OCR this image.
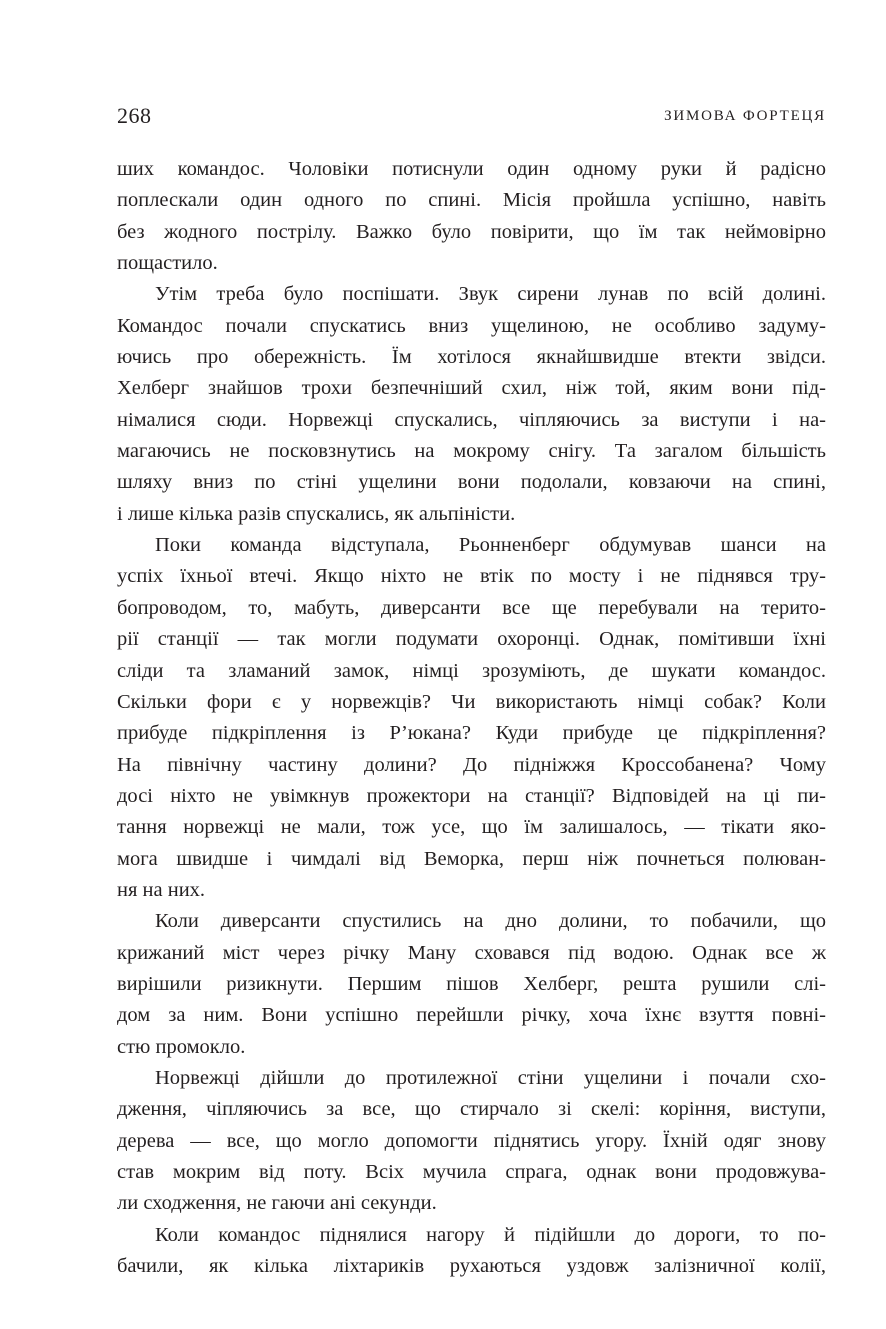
268	ЗИМОВА ФОРТЕЦЯ
ших командос. Чоловіки потиснули один одному руки й радісно
поплескали один одного по спині. Місія пройшла успішно, навіть
без жодного пострілу. Важко було повірити, що їм так неймовірно
пощастило.
Утім треба було поспішати. Звук сирени лунав по всій долині.
Командос почали спускатись вниз ущелиною, не особливо задуму-
ючись про обережність. Їм хотілося якнайшвидше втекти звідси.
Хелберг знайшов трохи безпечніший схил, ніж той, яким вони під-
німалися сюди. Норвежці спускались, чіпляючись за виступи і на-
магаючись не посковзнутись на мокрому снігу. Та загалом більшість
шляху вниз по стіні ущелини вони подолали, ковзаючи на спині,
і лише кілька разів спускались, як альпіністи.
Поки команда відступала, Рьонненберг обдумував шанси на
успіх їхньої втечі. Якщо ніхто не втік по мосту і не піднявся тру-
бопроводом, то, мабуть, диверсанти все ще перебували на терито-
рії станції — так могли подумати охоронці. Однак, помітивши їхні
сліди та зламаний замок, німці зрозуміють, де шукати командос.
Скільки фори є у норвежців? Чи використають німці собак? Коли
прибуде підкріплення із Р’юкана? Куди прибуде це підкріплення?
На північну частину долини? До підніжжя Кроссобанена? Чому
досі ніхто не увімкнув прожектори на станції? Відповідей на ці пи-
тання норвежці не мали, тож усе, що їм залишалось, — тікати яко-
мога швидше і чимдалі від Веморка, перш ніж почнеться полюван-
ня на них.
Коли диверсанти спустились на дно долини, то побачили, що
крижаний міст через річку Ману сховався під водою. Однак все ж
вирішили ризикнути. Першим пішов Хелберг, решта рушили слі-
дом за ним. Вони успішно перейшли річку, хоча їхнє взуття повні-
стю промокло.
Норвежці дійшли до протилежної стіни ущелини і почали схо-
дження, чіпляючись за все, що стирчало зі скелі: коріння, виступи,
дерева — все, що могло допомогти піднятись угору. Їхній одяг знову
став мокрим від поту. Всіх мучила спрага, однак вони продовжува-
ли сходження, не гаючи ані секунди.
Коли командос піднялися нагору й підійшли до дороги, то по-
бачили, як кілька ліхтариків рухаються уздовж залізничної колії,
